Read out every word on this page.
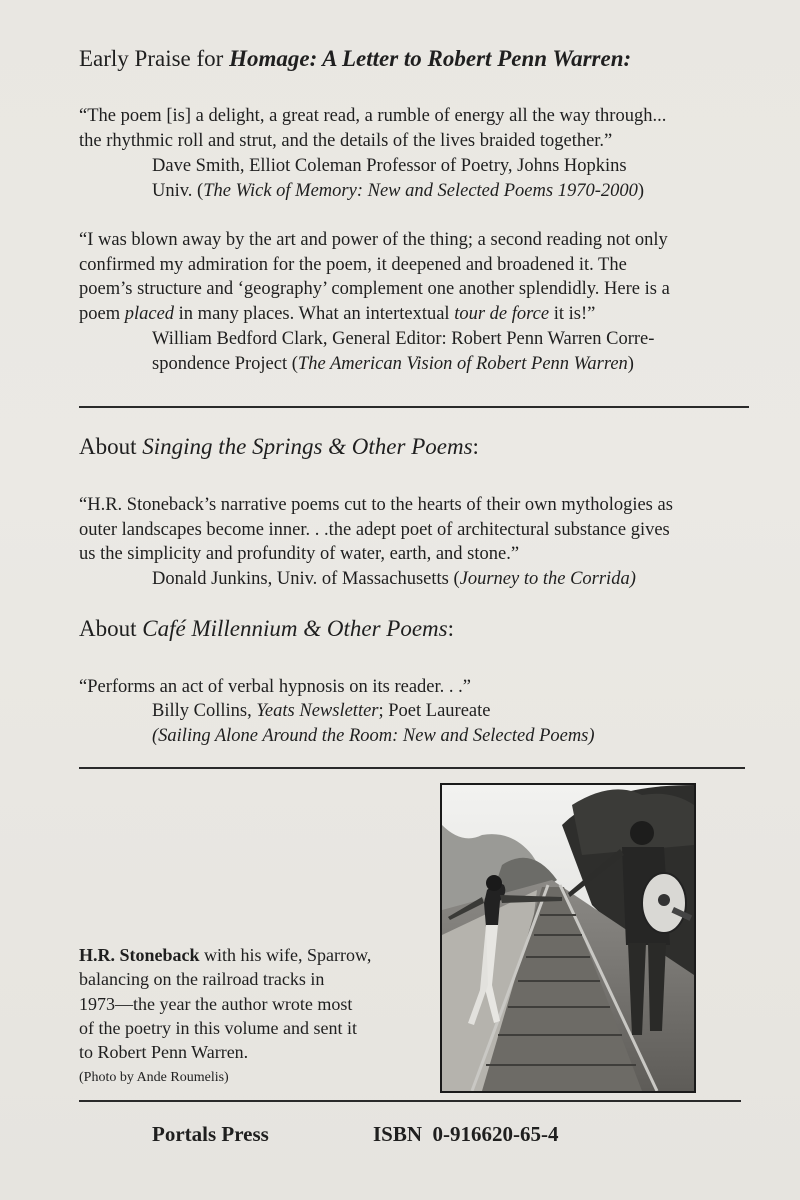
Early Praise for Homage: A Letter to Robert Penn Warren:
“The poem [is] a delight, a great read, a rumble of energy all the way through...
the rhythmic roll and strut, and the details of the lives braided together.”
Dave Smith, Elliot Coleman Professor of Poetry, Johns Hopkins
Univ. (The Wick of Memory: New and Selected Poems 1970-2000)
“I was blown away by the art and power of the thing; a second reading not only
confirmed my admiration for the poem, it deepened and broadened it. The
poem’s structure and ‘geography’ complement one another splendidly. Here is a
poem placed in many places. What an intertextual tour de force it is!”
William Bedford Clark, General Editor: Robert Penn Warren Corre-
spondence Project (The American Vision of Robert Penn Warren)
About Singing the Springs & Other Poems:
“H.R. Stoneback’s narrative poems cut to the hearts of their own mythologies as
outer landscapes become inner. . .the adept poet of architectural substance gives
us the simplicity and profundity of water, earth, and stone.”
Donald Junkins, Univ. of Massachusetts (Journey to the Corrida)
About Café Millennium & Other Poems:
“Performs an act of verbal hypnosis on its reader. . .”
Billy Collins, Yeats Newsletter; Poet Laureate
(Sailing Alone Around the Room: New and Selected Poems)
H.R. Stoneback with his wife, Sparrow,
balancing on the railroad tracks in
1973—the year the author wrote most
of the poetry in this volume and sent it
to Robert Penn Warren.
(Photo by Ande Roumelis)
Portals Press	ISBN  0-916620-65-4
